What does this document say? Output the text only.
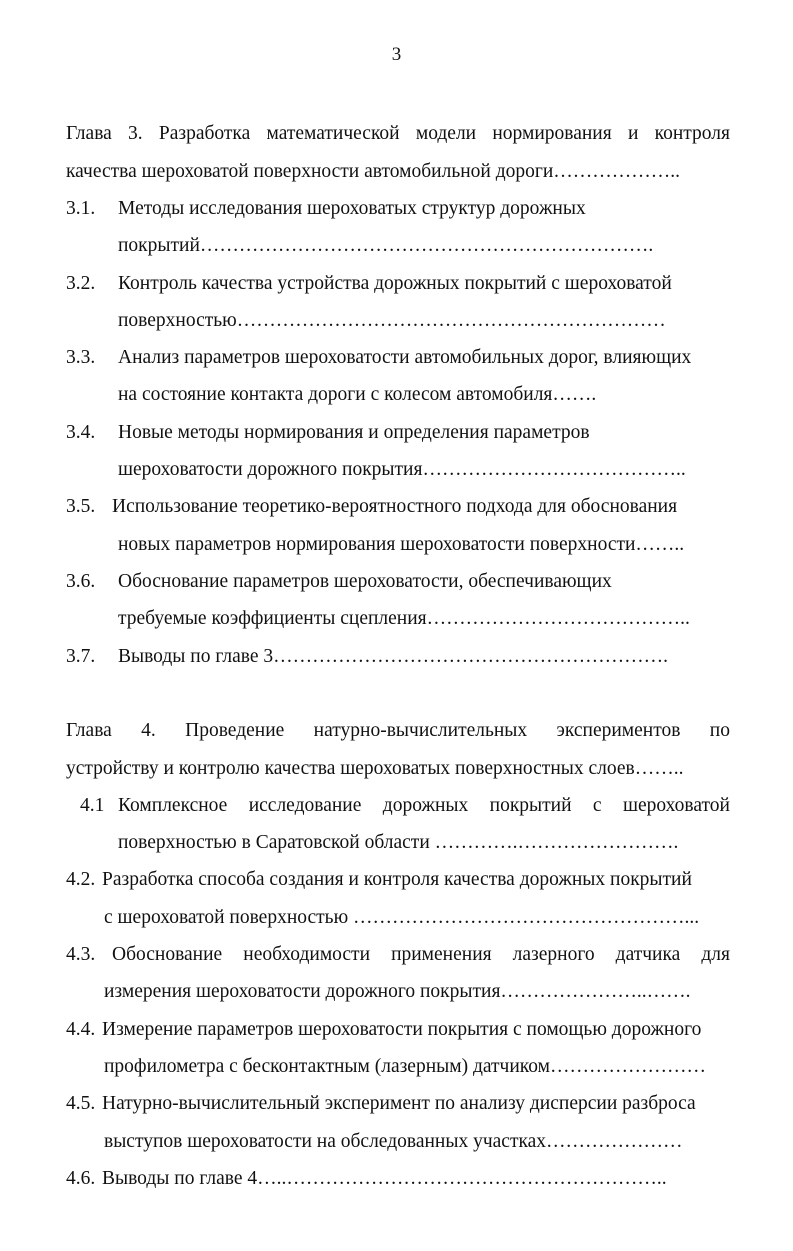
3
Глава 3. Разработка математической модели нормирования и контроля
качества шероховатой поверхности автомобильной дороги………………..
3.1. Методы исследования шероховатых структур дорожных
покрытий…………………………………………………………….
3.2. Контроль качества устройства дорожных покрытий с шероховатой
поверхностью…………………………………………………………
3.3. Анализ параметров шероховатости автомобильных дорог, влияющих
на состояние контакта дороги с колесом автомобиля…….
3.4. Новые методы нормирования и определения параметров
шероховатости дорожного покрытия…………………………………..
3.5. Использование теоретико-вероятностного подхода для обоснования
новых параметров нормирования шероховатости поверхности……..
3.6. Обоснование параметров шероховатости, обеспечивающих
требуемые коэффициенты сцепления…………………………………..
3.7. Выводы по главе 3…………………………………………………….
Глава 4. Проведение натурно-вычислительных экспериментов по
устройству и контролю качества шероховатых поверхностных слоев……..
4.1 Комплексное исследование дорожных покрытий с шероховатой
поверхностью в Саратовской области ………….…………………….
4.2. Разработка способа создания и контроля качества дорожных покрытий
с шероховатой поверхностью ……………………………………………...
4.3. Обоснование необходимости применения лазерного датчика для
измерения шероховатости дорожного покрытия…………………..…….
4.4. Измерение параметров шероховатости покрытия с помощью дорожного
профилометра с бесконтактным (лазерным) датчиком……………………
4.5. Натурно-вычислительный эксперимент по анализу дисперсии разброса
выступов шероховатости на обследованных участках…………………
4.6. Выводы по главе 4…..…………………………………………………..
